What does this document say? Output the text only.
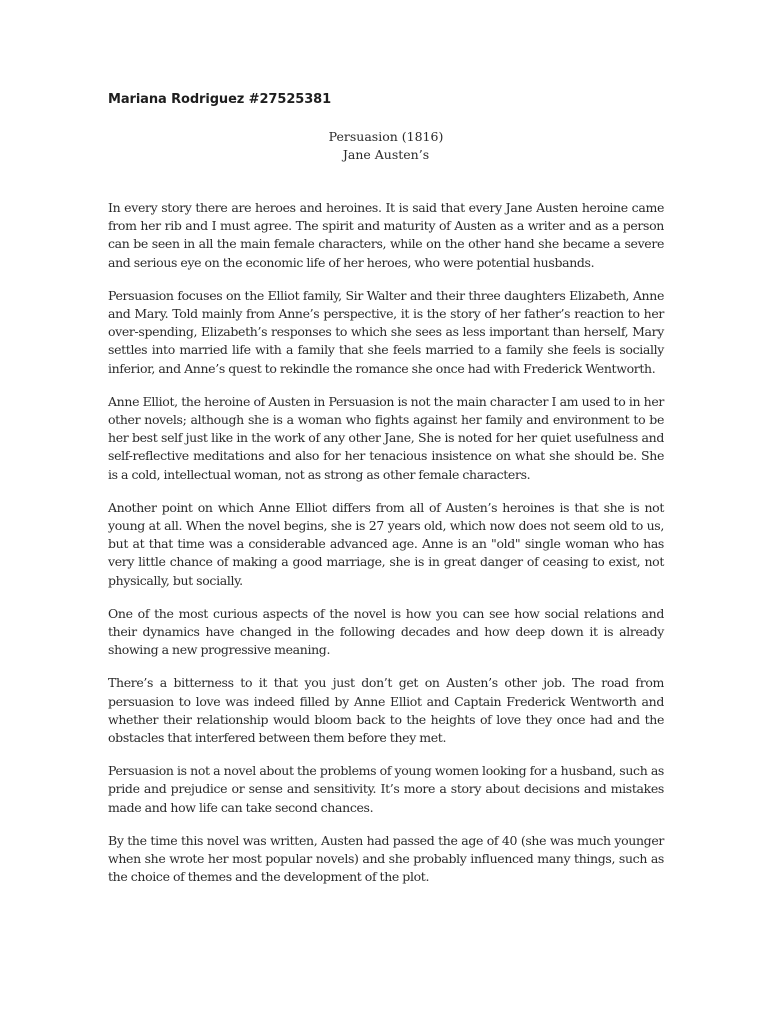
Mariana Rodriguez #27525381
Persuasion (1816)
Jane Austen’s

In every story there are heroes and heroines. It is said that every Jane Austen heroine came from her rib and I must agree. The spirit and maturity of Austen as a writer and as a person can be seen in all the main female characters, while on the other hand she became a severe and serious eye on the economic life of her heroes, who were potential husbands.

Persuasion focuses on the Elliot family, Sir Walter and their three daughters Elizabeth, Anne and Mary. Told mainly from Anne’s perspective, it is the story of her father’s reaction to her over-spending, Elizabeth’s responses to which she sees as less important than herself, Mary settles into married life with a family that she feels married to a family she feels is socially inferior, and Anne’s quest to rekindle the romance she once had with Frederick Wentworth.

Anne Elliot, the heroine of Austen in Persuasion is not the main character I am used to in her other novels; although she is a woman who fights against her family and environment to be her best self just like in the work of any other Jane, She is noted for her quiet usefulness and self-reflective meditations and also for her tenacious insistence on what she should be. She is a cold, intellectual woman, not as strong as other female characters.

Another point on which Anne Elliot differs from all of Austen’s heroines is that she is not young at all. When the novel begins, she is 27 years old, which now does not seem old to us, but at that time was a considerable advanced age. Anne is an "old" single woman who has very little chance of making a good marriage, she is in great danger of ceasing to exist, not physically, but socially.

One of the most curious aspects of the novel is how you can see how social relations and their dynamics have changed in the following decades and how deep down it is already showing a new progressive meaning.

There’s a bitterness to it that you just don’t get on Austen’s other job. The road from persuasion to love was indeed filled by Anne Elliot and Captain Frederick Wentworth and whether their relationship would bloom back to the heights of love they once had and the obstacles that interfered between them before they met.

Persuasion is not a novel about the problems of young women looking for a husband, such as pride and prejudice or sense and sensitivity. It’s more a story about decisions and mistakes made and how life can take second chances.

By the time this novel was written, Austen had passed the age of 40 (she was much younger when she wrote her most popular novels) and she probably influenced many things, such as the choice of themes and the development of the plot.
